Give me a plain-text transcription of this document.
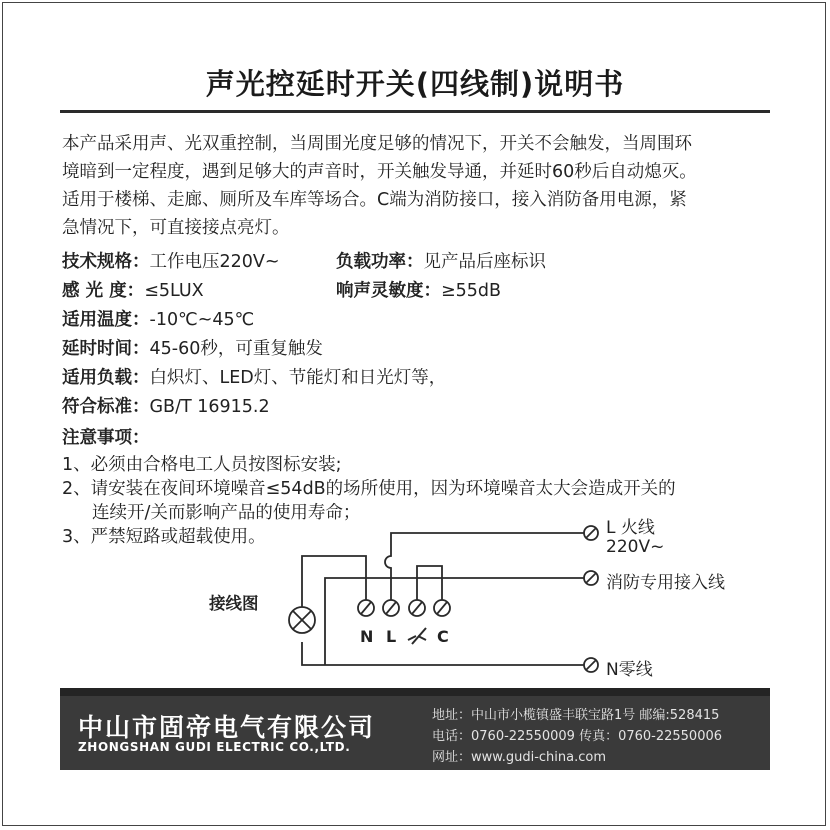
声光控延时开关(四线制)说明书
本产品采用声、光双重控制，当周围光度足够的情况下，开关不会触发，当周围环
境暗到一定程度，遇到足够大的声音时，开关触发导通，并延时60秒后自动熄灭。
适用于楼梯、走廊、厕所及车库等场合。C端为消防接口，接入消防备用电源，紧
急情况下，可直接接点亮灯。
技术规格：工作电压220V~	负载功率：见产品后座标识
感 光 度：≤5LUX	响声灵敏度：≥55dB
适用温度：-10℃~45℃
延时时间：45-60秒，可重复触发
适用负载：白炽灯、LED灯、节能灯和日光灯等，
符合标准：GB/T 16915.2
注意事项：
1、必须由合格电工人员按图标安装;
2、请安装在夜间环境噪音≤54dB的场所使用，因为环境噪音太大会造成开关的
连续开/关而影响产品的使用寿命；
3、严禁短路或超载使用。
接线图
N L	C
L 火线
220V~
消防专用接入线
N零线
中山市固帝电气有限公司
ZHONGSHAN GUDI ELECTRIC CO.,LTD.
地址：中山市小榄镇盛丰联宝路1号 邮编:528415
电话：0760-22550009 传真：0760-22550006
网址：www.gudi-china.com
